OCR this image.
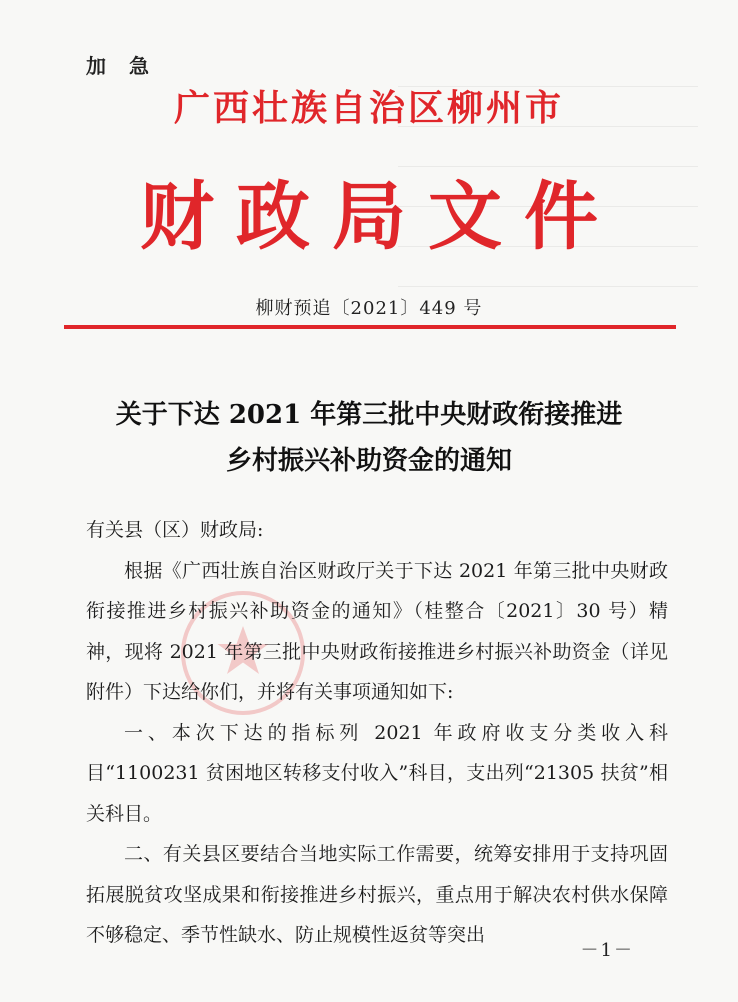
加 急
广西壮族自治区柳州市
财政局文件
柳财预追〔2021〕449 号
关于下达 2021 年第三批中央财政衔接推进
乡村振兴补助资金的通知

有关县（区）财政局:

根据《广西壮族自治区财政厅关于下达 2021 年第三批中央财政衔接推进乡村振兴补助资金的通知》（桂整合〔2021〕30 号）精神，现将 2021 年第三批中央财政衔接推进乡村振兴补助资金（详见附件）下达给你们，并将有关事项通知如下:

一、本次下达的指标列 2021 年政府收支分类收入科目“1100231 贫困地区转移支付收入”科目，支出列“21305 扶贫”相关科目。

二、有关县区要结合当地实际工作需要，统筹安排用于支持巩固拓展脱贫攻坚成果和衔接推进乡村振兴，重点用于解决农村供水保障不够稳定、季节性缺水、防止规模性返贫等突出

－1－
